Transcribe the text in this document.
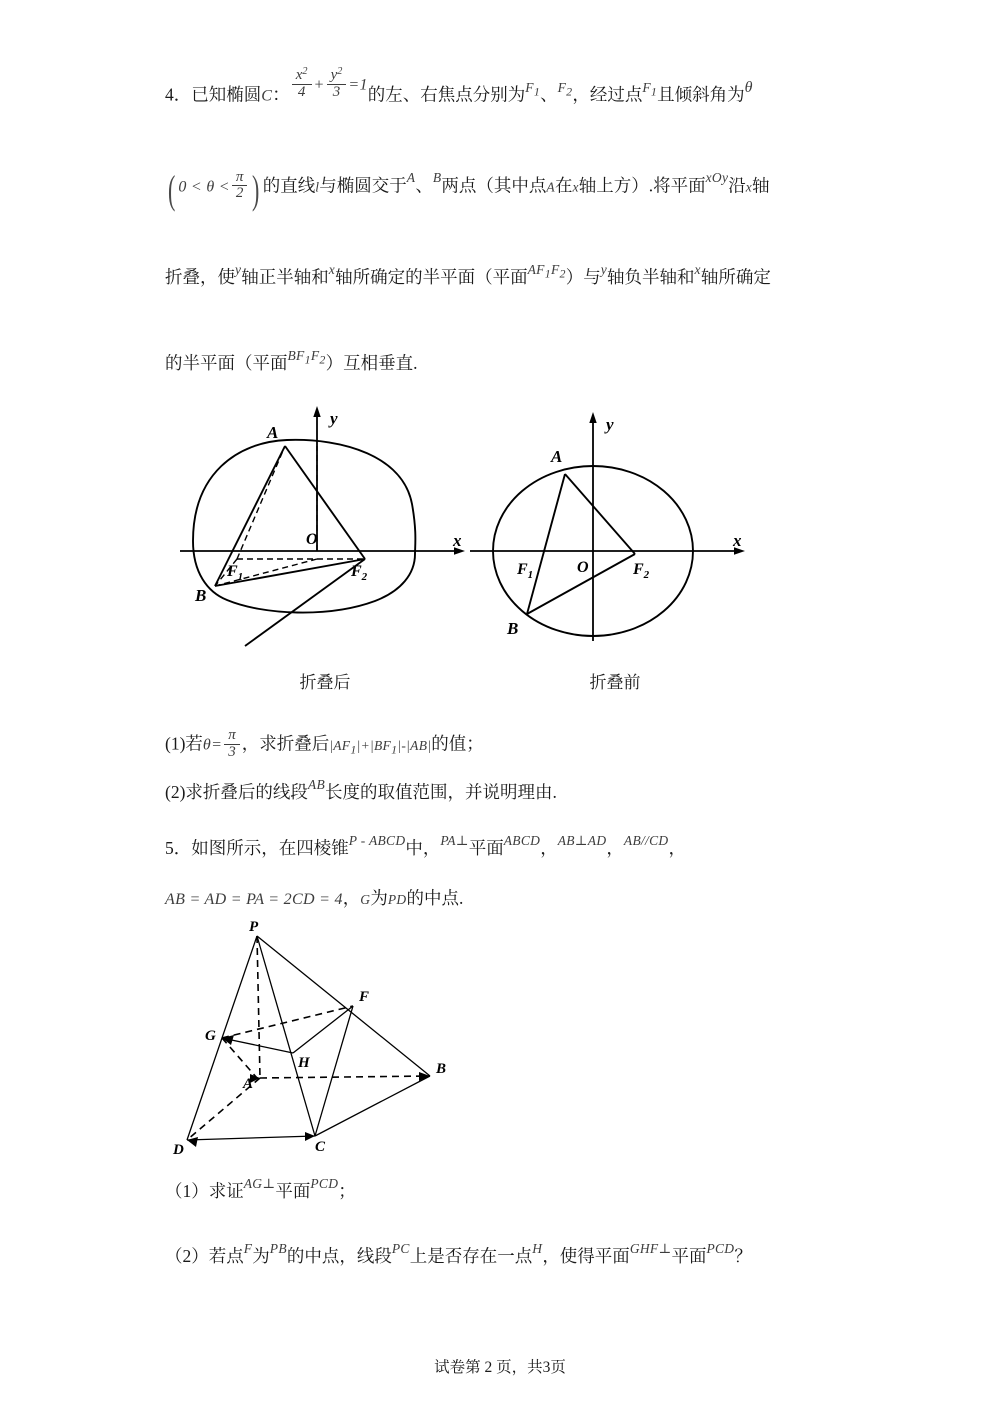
4．已知椭圆C： $\frac{x^2}{4} + \frac{y^2}{3} =1$的左、右焦点分别为$F_1$、$F_2$，经过点$F_1$且倾斜角为θ
( $0 < \theta < \frac{\pi}{2}$ ) 的直线l与椭圆交于A、B两点（其中点A在x轴上方）.将平面xOy沿x轴
折叠，使y轴正半轴和x轴所确定的半平面（平面$AF_1F_2$）与y轴负半轴和x轴所确定
的半平面（平面$BF_1F_2$）互相垂直.
y
x
A
B
O
$F_1$	$F_2$
折叠后
y
x
A
B
O
$F_1$	$F_2$
折叠前
(1)若$\theta= \frac{\pi}{3}$ ，求折叠后$|AF_1|+|BF_1|-|AB|$的值；
(2)求折叠后的线段AB长度的取值范围，并说明理由.
5．如图所示，在四棱锥P - ABCD中，PA⊥平面ABCD，AB⊥AD，AB//CD，
AB = AD = PA = 2CD = 4，G为PD的中点.
P
F
G
H
A
B
C
D
（1）求证AG⊥平面PCD；
（2）若点F为PB的中点，线段PC上是否存在一点H，使得平面GHF⊥平面PCD？
试卷第 2 页，共3页
